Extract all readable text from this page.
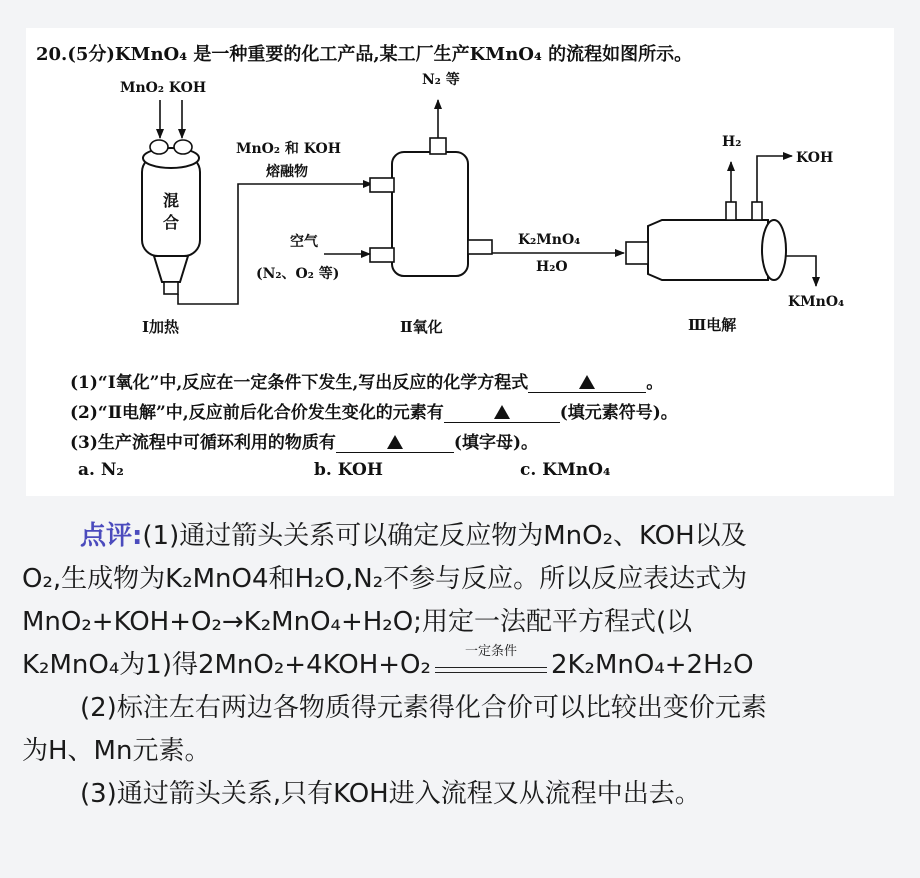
20.(5分)KMnO₄ 是一种重要的化工产品,某工厂生产KMnO₄ 的流程如图所示。
MnO₂ KOH
混
合
Ⅰ加热
MnO₂ 和 KOH
熔融物
N₂ 等
空气
(N₂、O₂ 等)
Ⅱ氧化
K₂MnO₄
H₂O
H₂
KOH
KMnO₄
Ⅲ电解
(1)“Ⅰ氧化”中,反应在一定条件下发生,写出反应的化学方程式	。
(2)“Ⅱ电解”中,反应前后化合价发生变化的元素有	(填元素符号)。
(3)生产流程中可循环利用的物质有	(填字母)。
a. N₂	b. KOH	c. KMnO₄
点评:(1)通过箭头关系可以确定反应物为MnO₂、KOH以及
O₂,生成物为K₂MnO4和H₂O,N₂不参与反应。所以反应表达式为
MnO₂+KOH+O₂→K₂MnO₄+H₂O;用定一法配平方程式(以
K₂MnO₄为1)得2MnO₂+4KOH+O₂	一定条件	2K₂MnO₄+2H₂O
(2)标注左右两边各物质得元素得化合价可以比较出变价元素
为H、Mn元素。
(3)通过箭头关系,只有KOH进入流程又从流程中出去。
